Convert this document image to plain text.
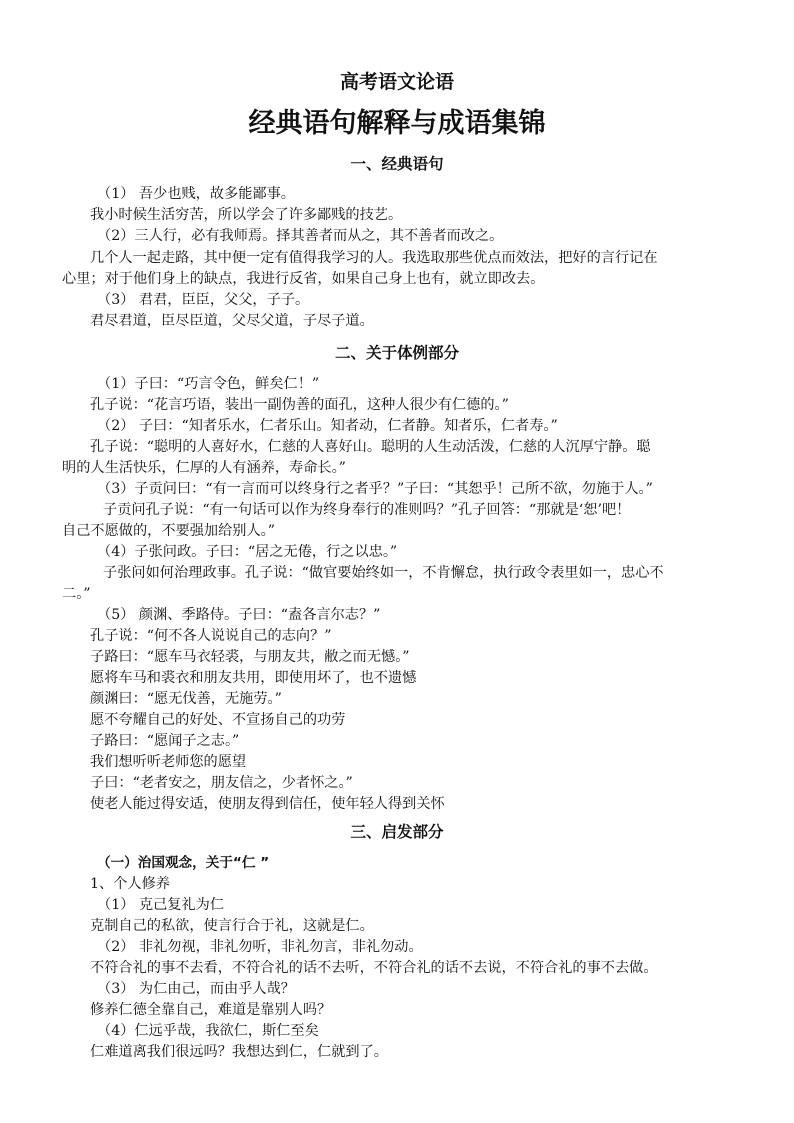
高考语文论语
经典语句解释与成语集锦
一、经典语句
（1） 吾少也贱，故多能鄙事。
我小时候生活穷苦，所以学会了许多鄙贱的技艺。
（2）三人行，必有我师焉。择其善者而从之，其不善者而改之。
几个人一起走路，其中便一定有值得我学习的人。我选取那些优点而效法，把好的言行记在
心里；对于他们身上的缺点，我进行反省，如果自己身上也有，就立即改去。
（3） 君君，臣臣，父父，子子。
君尽君道，臣尽臣道，父尽父道，子尽子道。
二、关于体例部分
（1）子曰：“巧言令色，鲜矣仁！”
孔子说：“花言巧语，装出一副伪善的面孔，这种人很少有仁德的。”
（2） 子曰：“知者乐水，仁者乐山。知者动，仁者静。知者乐，仁者寿。”
孔子说：“聪明的人喜好水，仁慈的人喜好山。聪明的人生动活泼，仁慈的人沉厚宁静。聪
明的人生活快乐，仁厚的人有涵养，寿命长。”
（3）子贡问曰：“有一言而可以终身行之者乎？”子曰：“其恕乎！己所不欲，勿施于人。”
子贡问孔子说：“有一句话可以作为终身奉行的准则吗？”孔子回答：“那就是‘恕’吧！
自己不愿做的，不要强加给别人。”
（4）子张问政。子曰：“居之无倦，行之以忠。”
子张问如何治理政事。孔子说：“做官要始终如一，不肯懈怠，执行政令表里如一，忠心不
二。”
（5） 颜渊、季路侍。子曰：“盍各言尔志？”
孔子说：“何不各人说说自己的志向？”
子路曰：“愿车马衣轻裘，与朋友共，敝之而无憾。”
愿将车马和裘衣和朋友共用，即使用坏了，也不遗憾
颜渊曰：“愿无伐善，无施劳。”
愿不夸耀自己的好处、不宣扬自己的功劳
子路曰：“愿闻子之志。”
我们想听听老师您的愿望
子曰：“老者安之，朋友信之，少者怀之。”
使老人能过得安适，使朋友得到信任，使年轻人得到关怀
三、启发部分
（一）治国观念，关于“仁 ”
1、个人修养
（1） 克己复礼为仁
克制自己的私欲，使言行合于礼，这就是仁。
（2） 非礼勿视，非礼勿听，非礼勿言，非礼勿动。
不符合礼的事不去看，不符合礼的话不去听，不符合礼的话不去说，不符合礼的事不去做。
（3） 为仁由己，而由乎人哉？
修养仁德全靠自己，难道是靠别人吗？
（4）仁远乎哉，我欲仁，斯仁至矣
仁难道离我们很远吗？我想达到仁，仁就到了。
